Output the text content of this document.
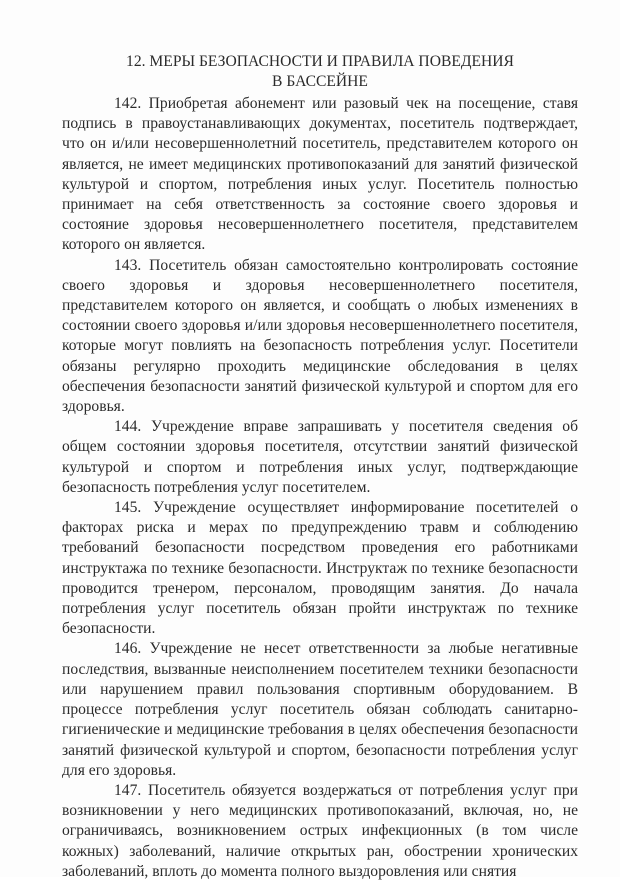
12. МЕРЫ БЕЗОПАСНОСТИ И ПРАВИЛА ПОВЕДЕНИЯ
В БАССЕЙНЕ

142. Приобретая абонемент или разовый чек на посещение, ставя подпись в правоустанавливающих документах, посетитель подтверждает, что он и/или несовершеннолетний посетитель, представителем которого он является, не имеет медицинских противопоказаний для занятий физической культурой и спортом, потребления иных услуг. Посетитель полностью принимает на себя ответственность за состояние своего здоровья и состояние здоровья несовершеннолетнего посетителя, представителем которого он является.

143. Посетитель обязан самостоятельно контролировать состояние своего здоровья и здоровья несовершеннолетнего посетителя, представителем которого он является, и сообщать о любых изменениях в состоянии своего здоровья и/или здоровья несовершеннолетнего посетителя, которые могут повлиять на безопасность потребления услуг. Посетители обязаны регулярно проходить медицинские обследования в целях обеспечения безопасности занятий физической культурой и спортом для его здоровья.

144. Учреждение вправе запрашивать у посетителя сведения об общем состоянии здоровья посетителя, отсутствии занятий физической культурой и спортом и потребления иных услуг, подтверждающие безопасность потребления услуг посетителем.

145. Учреждение осуществляет информирование посетителей о факторах риска и мерах по предупреждению травм и соблюдению требований безопасности посредством проведения его работниками инструктажа по технике безопасности. Инструктаж по технике безопасности проводится тренером, персоналом, проводящим занятия. До начала потребления услуг посетитель обязан пройти инструктаж по технике безопасности.

146. Учреждение не несет ответственности за любые негативные последствия, вызванные неисполнением посетителем техники безопасности или нарушением правил пользования спортивным оборудованием. В процессе потребления услуг посетитель обязан соблюдать санитарно-гигиенические и медицинские требования в целях обеспечения безопасности занятий физической культурой и спортом, безопасности потребления услуг для его здоровья.

147. Посетитель обязуется воздержаться от потребления услуг при возникновении у него медицинских противопоказаний, включая, но, не ограничиваясь, возникновением острых инфекционных (в том числе кожных) заболеваний, наличие открытых ран, обострении хронических заболеваний, вплоть до момента полного выздоровления или снятия
